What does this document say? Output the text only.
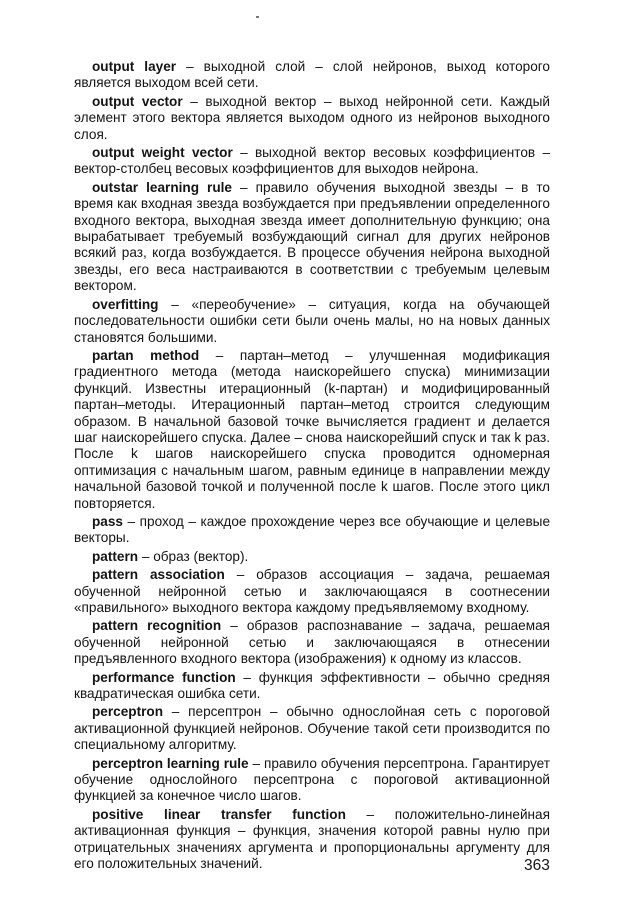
output layer – выходной слой – слой нейронов, выход которого является выходом всей сети.

output vector – выходной вектор – выход нейронной сети. Каждый элемент этого вектора является выходом одного из нейронов выходного слоя.

output weight vector – выходной вектор весовых коэффициентов – вектор-столбец весовых коэффициентов для выходов нейрона.

outstar learning rule – правило обучения выходной звезды – в то время как входная звезда возбуждается при предъявлении определенного входного вектора, выходная звезда имеет дополнительную функцию; она вырабатывает требуемый возбуждающий сигнал для других нейронов всякий раз, когда возбуждается. В процессе обучения нейрона выходной звезды, его веса настраиваются в соответствии с требуемым целевым вектором.

overfitting – «переобучение» – ситуация, когда на обучающей последовательности ошибки сети были очень малы, но на новых данных становятся большими.

partan method – партан–метод – улучшенная модификация градиентного метода (метода наискорейшего спуска) минимизации функций. Известны итерационный (k-партан) и модифицированный партан–методы. Итерационный партан–метод строится следующим образом. В начальной базовой точке вычисляется градиент и делается шаг наискорейшего спуска. Далее – снова наискорейший спуск и так k раз. После k шагов наискорейшего спуска проводится одномерная оптимизация с начальным шагом, равным единице в направлении между начальной базовой точкой и полученной после k шагов. После этого цикл повторяется.

pass – проход – каждое прохождение через все обучающие и целевые векторы.

pattern – образ (вектор).

pattern association – образов ассоциация – задача, решаемая обученной нейронной сетью и заключающаяся в соотнесении «правильного» выходного вектора каждому предъявляемому входному.

pattern recognition – образов распознавание – задача, решаемая обученной нейронной сетью и заключающаяся в отнесении предъявленного входного вектора (изображения) к одному из классов.

performance function – функция эффективности – обычно средняя квадратическая ошибка сети.

perceptron – персептрон – обычно однослойная сеть с пороговой активационной функцией нейронов. Обучение такой сети производится по специальному алгоритму.

perceptron learning rule – правило обучения персептрона. Гарантирует обучение однослойного персептрона с пороговой активационной функцией за конечное число шагов.

positive linear transfer function – положительно-линейная активационная функция – функция, значения которой равны нулю при отрицательных значениях аргумента и пропорциональны аргументу для его положительных значений.	363
